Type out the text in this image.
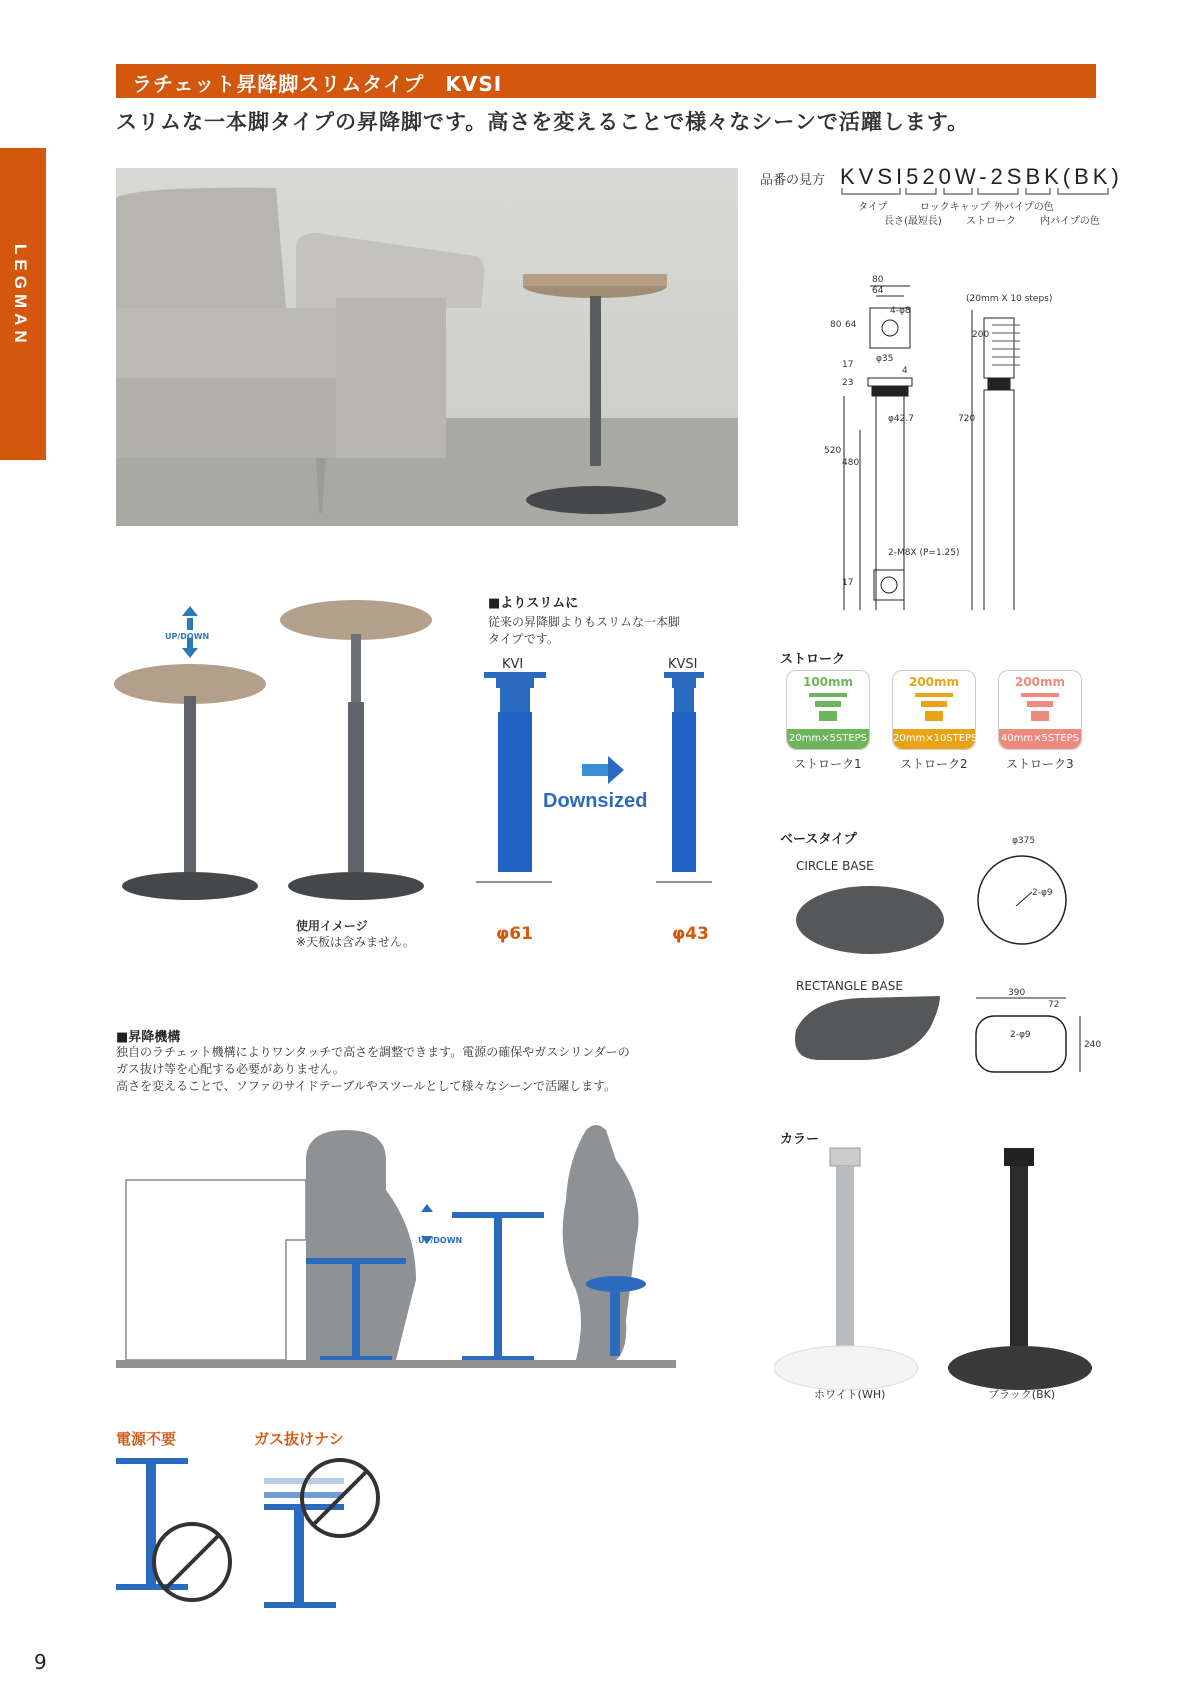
ラチェット昇降脚スリムタイプ　KVSI
スリムな一本脚タイプの昇降脚です。高さを変えることで様々なシーンで活躍します。
LEGMAN
品番の見方 KVSI520W-2SBK(BK)
タイプ
長さ(最短長)
ロックキャップ
ストローク
外パイプの色
内パイプの色
80
64
80 64
4-φ8
(20mm X 10 steps)
200
17
φ35
4
23
φ42.7
520
480
720
2-M8X (P=1.25)
17
UP/DOWN
使用イメージ
※天板は含みません。
■よりスリムに
従来の昇降脚よりもスリムな一本脚
タイプです。
KVI	KVSI
Downsized
φ61	φ43
ストローク
100mm
20mm×5STEPS
200mm
20mm×10STEPS
200mm
40mm×5STEPS
ストローク1	ストローク2	ストローク3
ベースタイプ
CIRCLE BASE
RECTANGLE BASE
φ375
2-φ9
390
72
2-φ9
240
■昇降機構
独自のラチェット機構によりワンタッチで高さを調整できます。電源の確保やガスシリンダーの
ガス抜け等を心配する必要がありません。
高さを変えることで、ソファのサイドテーブルやスツールとして様々なシーンで活躍します。
UP/DOWN
カラー
ホワイト(WH)	ブラック(BK)
電源不要	ガス抜けナシ
9
